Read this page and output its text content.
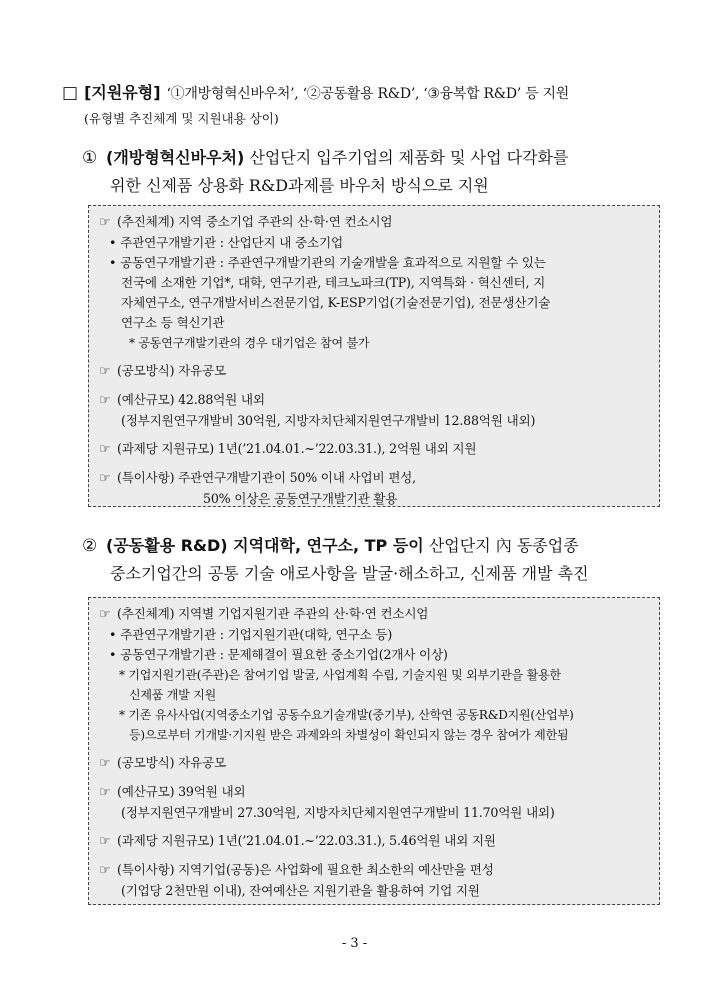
□ [지원유형] ‘①개방형혁신바우처’, ‘②공동활용 R&D’, ‘③융복합 R&D’ 등 지원
(유형별 추진체계 및 지원내용 상이)
① (개방형혁신바우처) 산업단지 입주기업의 제품화 및 사업 다각화를
위한 신제품 상용화 R&D과제를 바우처 방식으로 지원
☞ (추진체계) 지역 중소기업 주관의 산·학·연 컨소시엄
• 주관연구개발기관 : 산업단지 내 중소기업
• 공동연구개발기관 : 주관연구개발기관의 기술개발을 효과적으로 지원할 수 있는
전국에 소재한 기업*, 대학, 연구기관, 테크노파크(TP), 지역특화 · 혁신센터, 지
자체연구소, 연구개발서비스전문기업, K-ESP기업(기술전문기업), 전문생산기술
연구소 등 혁신기관
* 공동연구개발기관의 경우 대기업은 참여 불가
☞ (공모방식) 자유공모
☞ (예산규모) 42.88억원 내외
(정부지원연구개발비 30억원, 지방자치단체지원연구개발비 12.88억원 내외)
☞ (과제당 지원규모) 1년(’21.04.01.~’22.03.31.), 2억원 내외 지원
☞ (특이사항) 주관연구개발기관이 50% 이내 사업비 편성,
50% 이상은 공동연구개발기관 활용
② (공동활용 R&D) 지역대학, 연구소, TP 등이 산업단지 內 동종업종
중소기업간의 공통 기술 애로사항을 발굴·해소하고, 신제품 개발 촉진
☞ (추진체계) 지역별 기업지원기관 주관의 산·학·연 컨소시엄
• 주관연구개발기관 : 기업지원기관(대학, 연구소 등)
• 공동연구개발기관 : 문제해결이 필요한 중소기업(2개사 이상)
* 기업지원기관(주관)은 참여기업 발굴, 사업계획 수립, 기술지원 및 외부기관을 활용한
신제품 개발 지원
* 기존 유사사업(지역중소기업 공동수요기술개발(중기부), 산학연 공동R&D지원(산업부)
등)으로부터 기개발·기지원 받은 과제와의 차별성이 확인되지 않는 경우 참여가 제한됨
☞ (공모방식) 자유공모
☞ (예산규모) 39억원 내외
(정부지원연구개발비 27.30억원, 지방자치단체지원연구개발비 11.70억원 내외)
☞ (과제당 지원규모) 1년(’21.04.01.~’22.03.31.), 5.46억원 내외 지원
☞ (특이사항) 지역기업(공동)은 사업화에 필요한 최소한의 예산만을 편성
(기업당 2천만원 이내), 잔여예산은 지원기관을 활용하여 기업 지원
- 3 -
